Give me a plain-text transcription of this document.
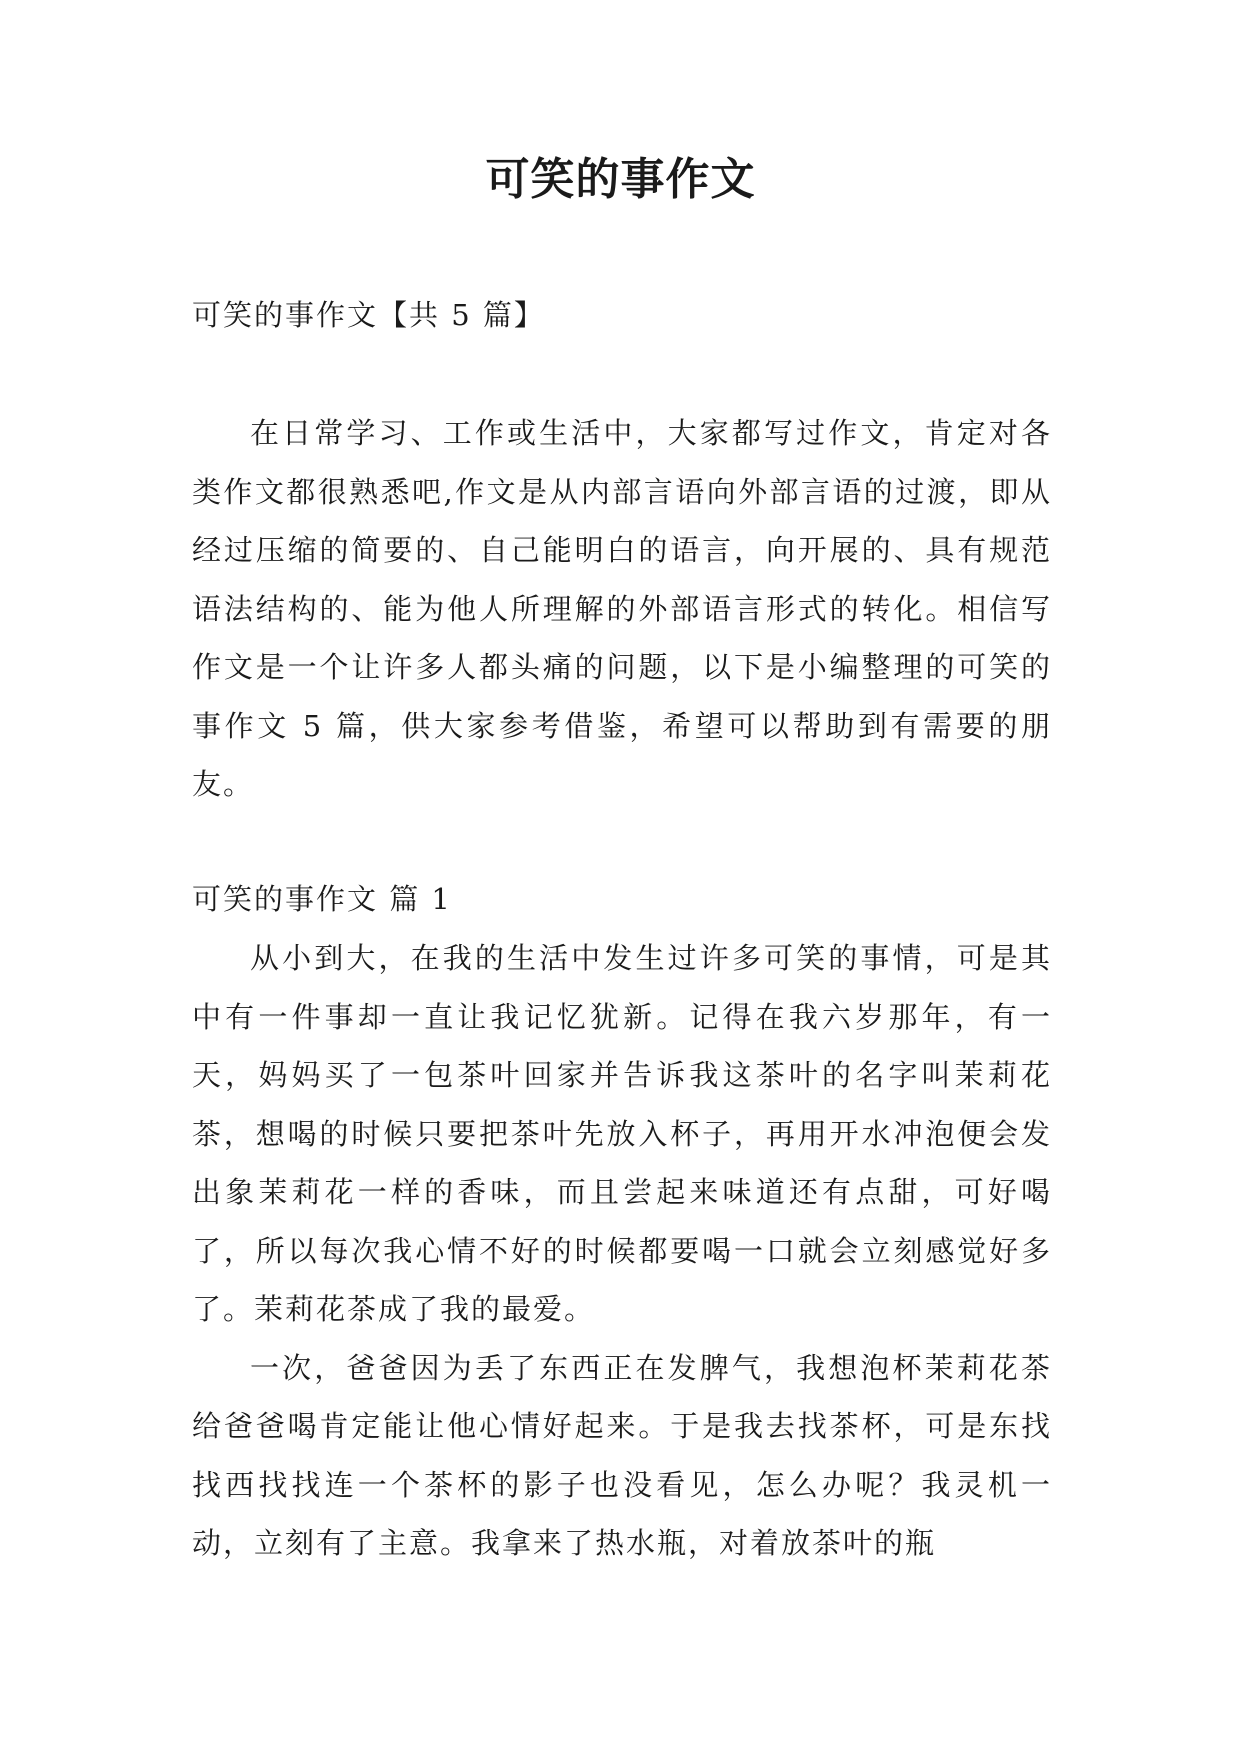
可笑的事作文

可笑的事作文【共 5 篇】

在日常学习、工作或生活中，大家都写过作文，肯定对各类作文都很熟悉吧,作文是从内部言语向外部言语的过渡，即从经过压缩的简要的、自己能明白的语言，向开展的、具有规范语法结构的、能为他人所理解的外部语言形式的转化。相信写作文是一个让许多人都头痛的问题，以下是小编整理的可笑的事作文 5 篇，供大家参考借鉴，希望可以帮助到有需要的朋友。

可笑的事作文 篇 1

从小到大，在我的生活中发生过许多可笑的事情，可是其中有一件事却一直让我记忆犹新。记得在我六岁那年，有一天，妈妈买了一包茶叶回家并告诉我这茶叶的名字叫茉莉花茶，想喝的时候只要把茶叶先放入杯子，再用开水冲泡便会发出象茉莉花一样的香味，而且尝起来味道还有点甜，可好喝了，所以每次我心情不好的时候都要喝一口就会立刻感觉好多了。茉莉花茶成了我的最爱。

一次，爸爸因为丢了东西正在发脾气，我想泡杯茉莉花茶给爸爸喝肯定能让他心情好起来。于是我去找茶杯，可是东找找西找找连一个茶杯的影子也没看见，怎么办呢？我灵机一动，立刻有了主意。我拿来了热水瓶，对着放茶叶的瓶
